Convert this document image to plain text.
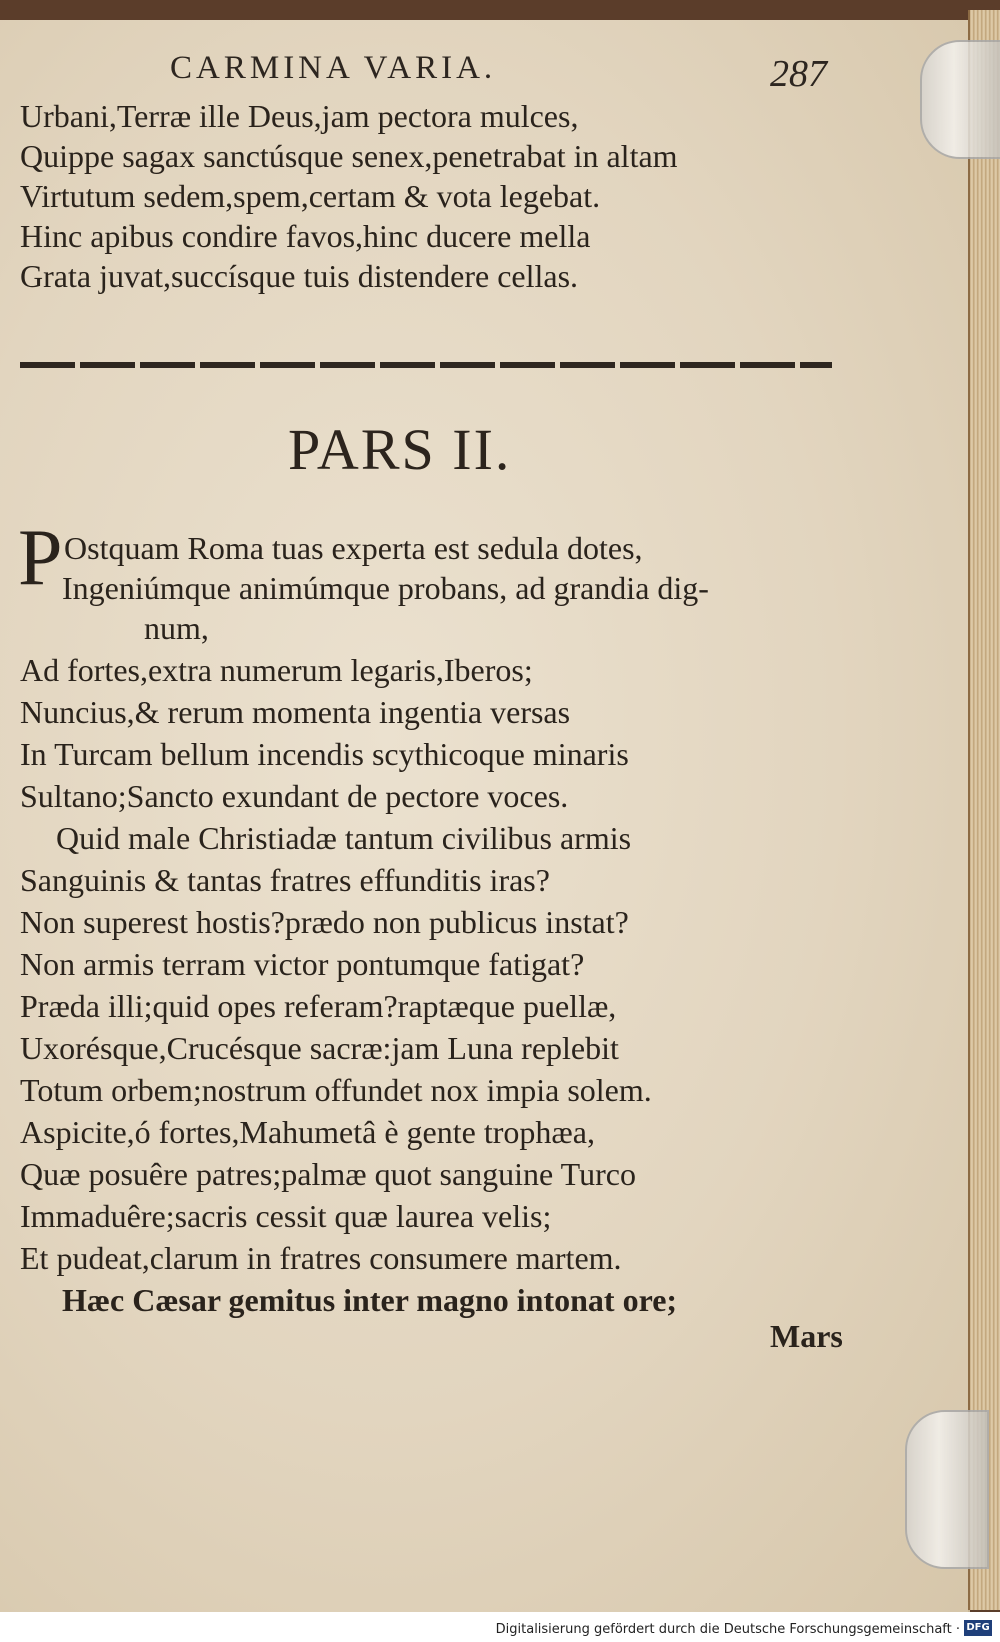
CARMINA VARIA.	287
Urbani,Terræ ille Deus,jam pectora mulces,
Quippe sagax sanctúsque senex,penetrabat in altam
Virtutum sedem,spem,certam & vota legebat.
Hinc apibus condire favos,hinc ducere mella
Grata juvat,succísque tuis distendere cellas.
PARS II.
P Ostquam Roma tuas experta est sedula dotes,
Ingeniúmque animúmque probans, ad grandia dig-
num,
Ad fortes,extra numerum legaris,Iberos;
Nuncius,& rerum momenta ingentia versas
In Turcam bellum incendis scythicoque minaris
Sultano;Sancto exundant de pectore voces.
Quid male Christiadæ tantum civilibus armis
Sanguinis & tantas fratres effunditis iras?
Non superest hostis?prædo non publicus instat?
Non armis terram victor pontumque fatigat?
Præda illi;quid opes referam?raptæque puellæ,
Uxorésque,Crucésque sacræ:jam Luna replebit
Totum orbem;nostrum offundet nox impia solem.
Aspicite,ó fortes,Mahumetâ è gente trophæa,
Quæ posuêre patres;palmæ quot sanguine Turco
Immaduêre;sacris cessit quæ laurea velis;
Et pudeat,clarum in fratres consumere martem.
Hæc Cæsar gemitus inter magno intonat ore;
Mars
Digitalisierung gefördert durch die Deutsche Forschungsgemeinschaft · DFG
